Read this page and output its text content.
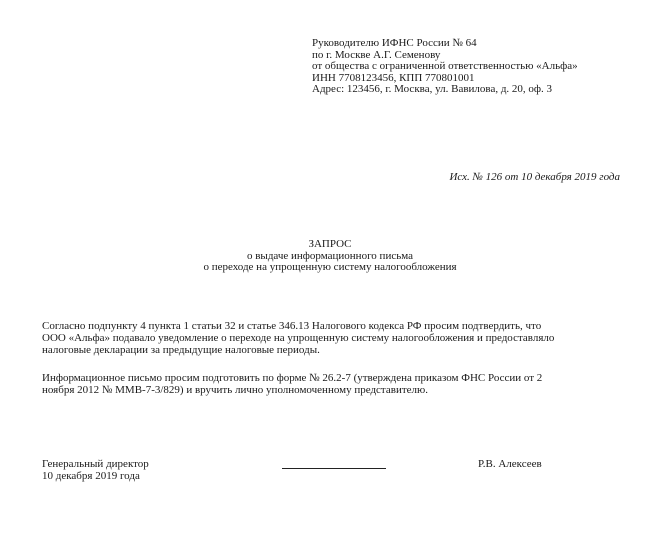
Руководителю ИФНС России № 64
по г. Москве А.Г. Семенову
от общества с ограниченной ответственностью «Альфа»
ИНН 7708123456, КПП 770801001
Адрес: 123456, г. Москва, ул. Вавилова, д. 20, оф. 3
Исх. № 126 от 10 декабря 2019 года
ЗАПРОС
о выдаче информационного письма
о переходе на упрощенную систему налогообложения
Согласно подпункту 4 пункта 1 статьи 32 и статье 346.13 Налогового кодекса РФ просим подтвердить, что
ООО «Альфа» подавало уведомление о переходе на упрощенную систему налогообложения и предоставляло
налоговые декларации за предыдущие налоговые периоды.
Информационное письмо просим подготовить по форме № 26.2-7 (утверждена приказом ФНС России от 2
ноября 2012 № ММВ-7-3/829) и вручить лично уполномоченному представителю.
Генеральный директор
10 декабря 2019 года
Р.В. Алексеев
